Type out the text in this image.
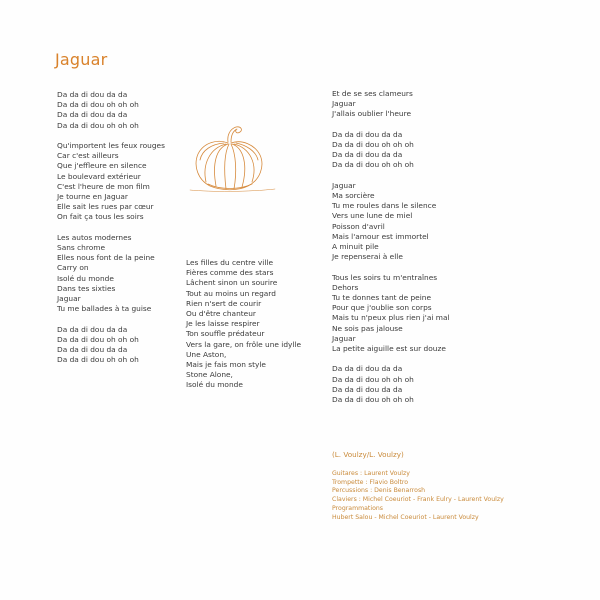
Jaguar
Da da di dou da da
Da da di dou oh oh oh
Da da di dou da da
Da da di dou oh oh oh
Qu'importent les feux rouges
Car c'est ailleurs
Que j'effleure en silence
Le boulevard extérieur
C'est l'heure de mon film
Je tourne en Jaguar
Elle sait les rues par cœur
On fait ça tous les soirs
Les autos modernes
Sans chrome
Elles nous font de la peine
Carry on
Isolé du monde
Dans tes sixties
Jaguar
Tu me ballades à ta guise
Da da di dou da da
Da da di dou oh oh oh
Da da di dou da da
Da da di dou oh oh oh
Les filles du centre ville
Fières comme des stars
Lâchent sinon un sourire
Tout au moins un regard
Rien n'sert de courir
Ou d'être chanteur
Je les laisse respirer
Ton souffle prédateur
Vers la gare, on frôle une idylle
Une Aston,
Mais je fais mon style
Stone Alone,
Isolé du monde
Et de se ses clameurs
Jaguar
J'allais oublier l'heure
Da da di dou da da
Da da di dou oh oh oh
Da da di dou da da
Da da di dou oh oh oh
Jaguar
Ma sorcière
Tu me roules dans le silence
Vers une lune de miel
Poisson d'avril
Mais l'amour est immortel
A minuit pile
Je repenserai à elle
Tous les soirs tu m'entraînes
Dehors
Tu te donnes tant de peine
Pour que j'oublie son corps
Mais tu n'peux plus rien j'ai mal
Ne sois pas jalouse
Jaguar
La petite aiguille est sur douze
Da da di dou da da
Da da di dou oh oh oh
Da da di dou da da
Da da di dou oh oh oh
(L. Voulzy/L. Voulzy)
Guitares : Laurent Voulzy
Trompette : Flavio Boltro
Percussions : Denis Benarrosh
Claviers : Michel Coeuriot - Frank Eulry - Laurent Voulzy
Programmations
Hubert Salou - Michel Coeuriot - Laurent Voulzy
